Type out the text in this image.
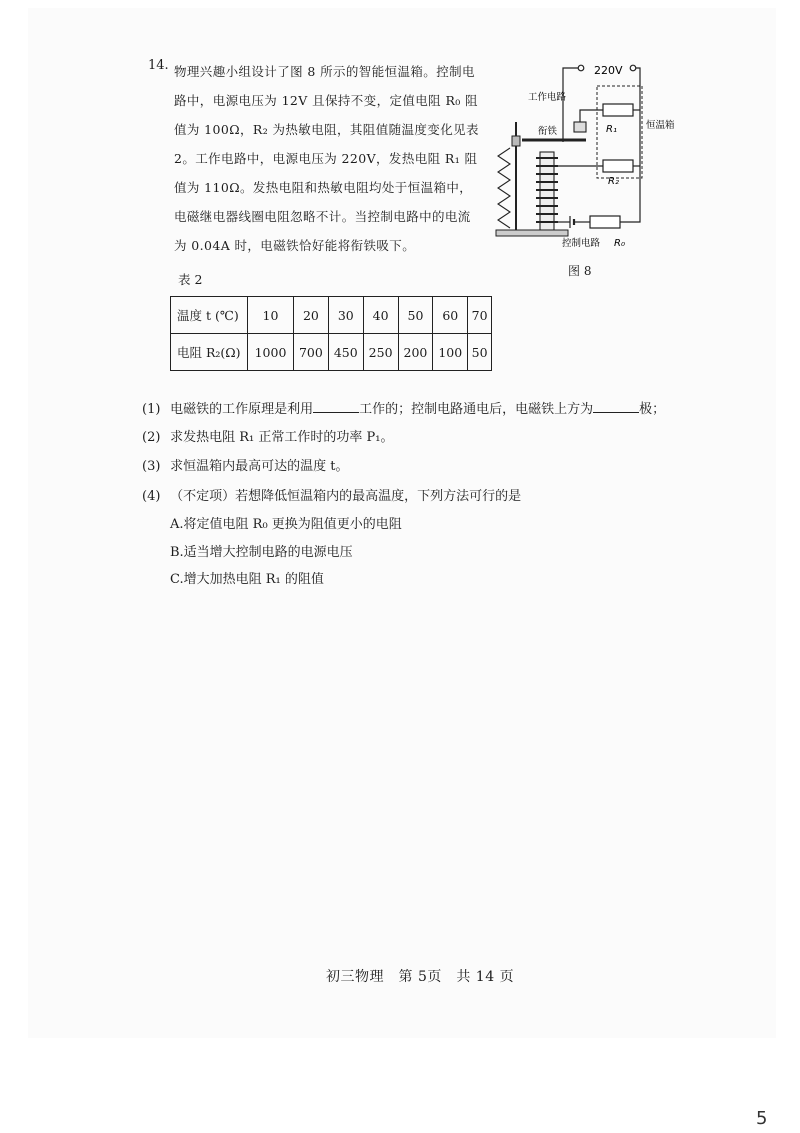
14. 物理兴趣小组设计了图 8 所示的智能恒温箱。控制电
路中，电源电压为 12V 且保持不变，定值电阻 R₀ 阻
值为 100Ω，R₂ 为热敏电阻，其阻值随温度变化见表
2。工作电路中，电源电压为 220V，发热电阻 R₁ 阻
值为 110Ω。发热电阻和热敏电阻均处于恒温箱中，
电磁继电器线圈电阻忽略不计。当控制电路中的电流
为 0.04A 时，电磁铁恰好能将衔铁吸下。
220V
工作电路
恒温箱
R₁
R₂
衔铁
控制电路 R₀
图 8
表 2
温度 t (℃)	10	20	30	40	50	60	70
电阻 R₂(Ω)	1000	700	450	250	200	100	50
(1) 电磁铁的工作原理是利用	工作的；控制电路通电后，电磁铁上方为	极；
(2) 求发热电阻 R₁ 正常工作时的功率 P₁。
(3) 求恒温箱内最高可达的温度 t。
(4) （不定项）若想降低恒温箱内的最高温度，下列方法可行的是
A.将定值电阻 R₀ 更换为阻值更小的电阻
B.适当增大控制电路的电源电压
C.增大加热电阻 R₁ 的阻值
初三物理　第 5页　共 14 页
5
